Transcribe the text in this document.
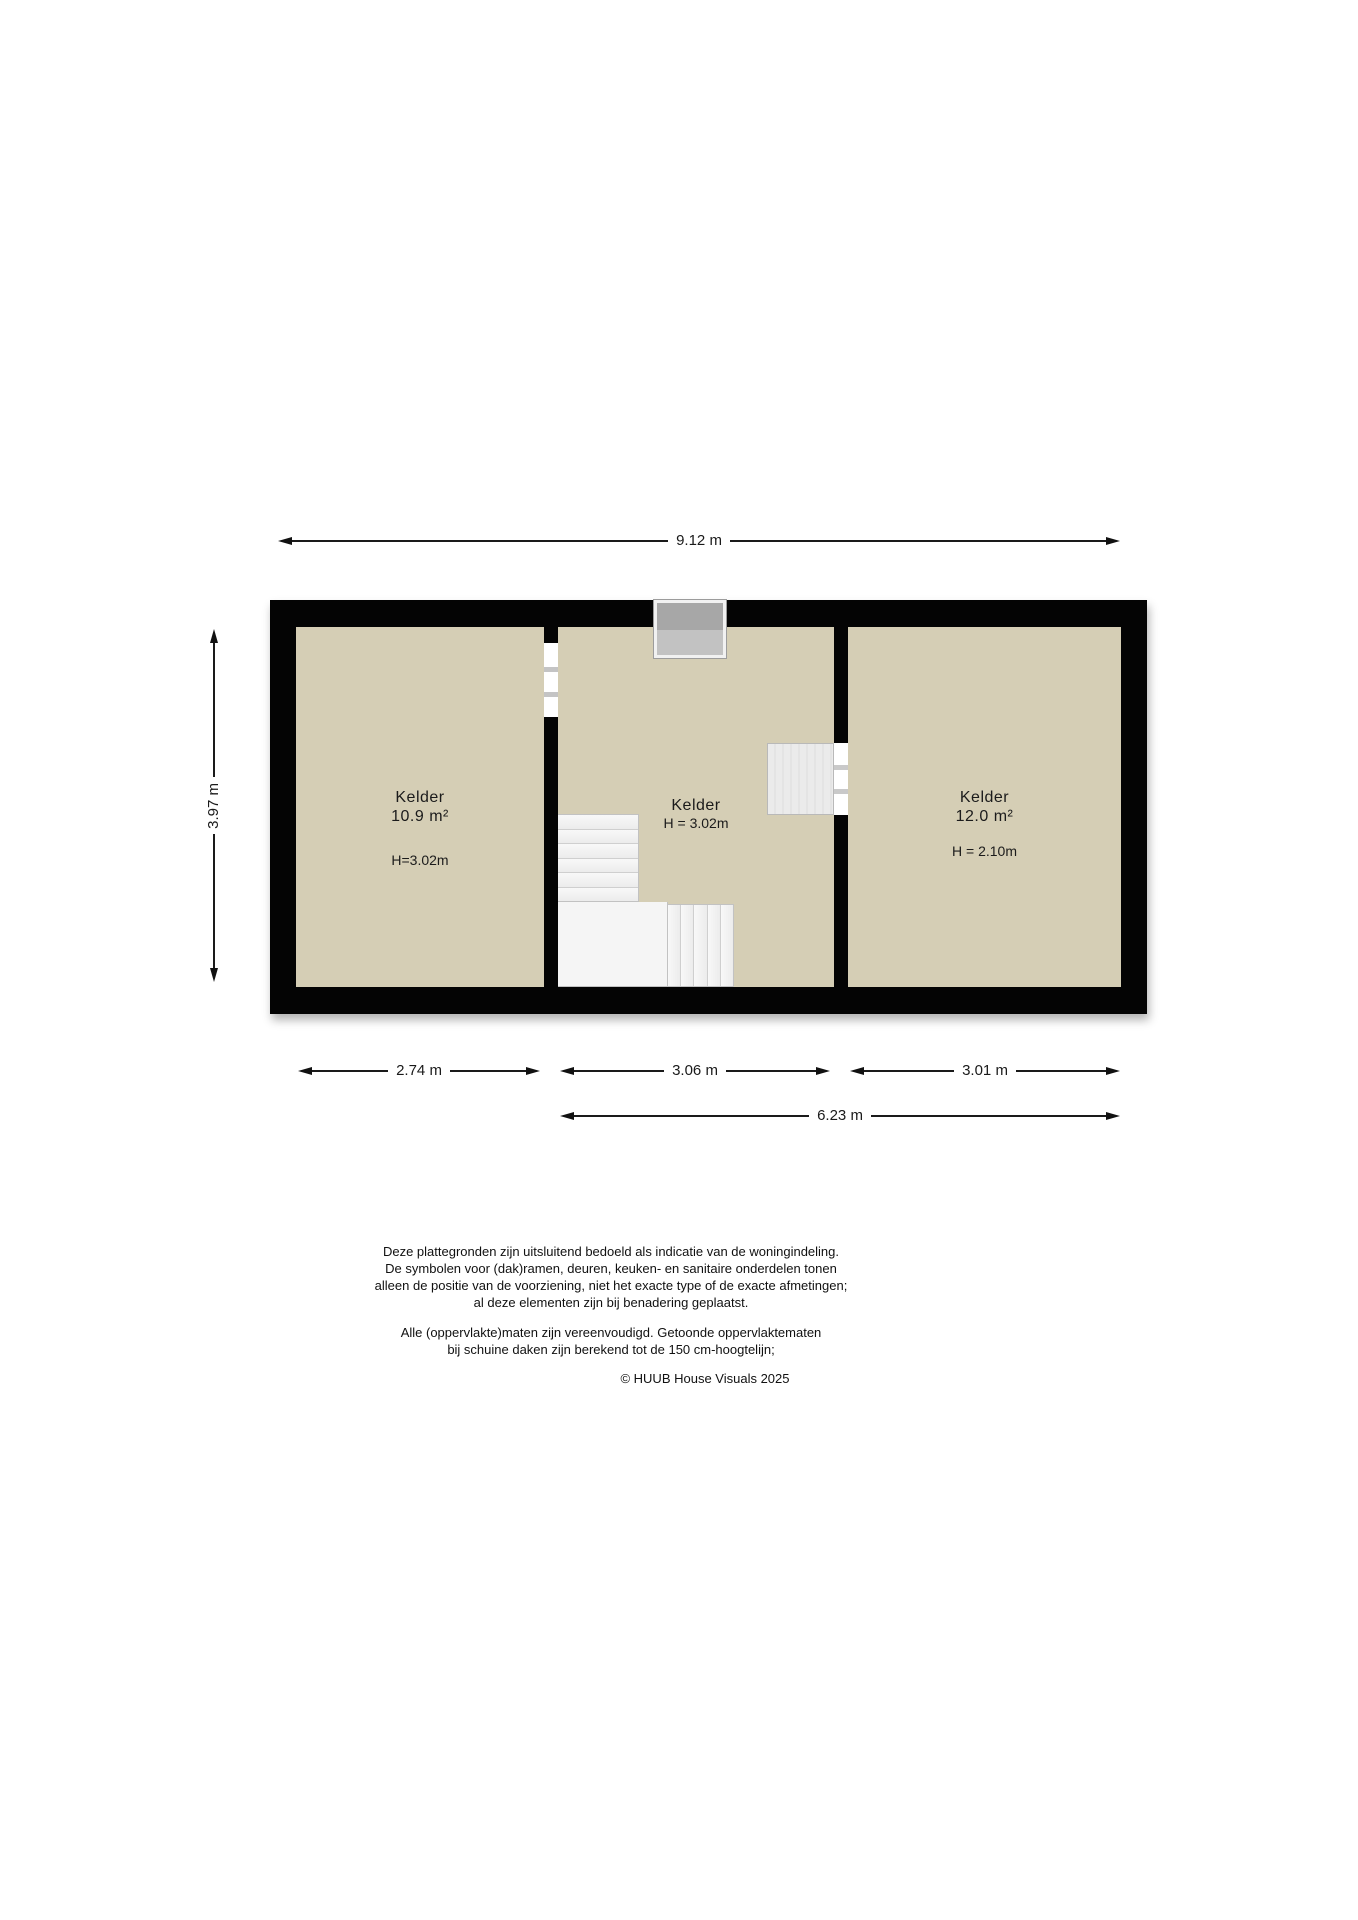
9.12 m
3.97 m	Kelder
10.9 m²
H=3.02m
Kelder
H = 3.02m
Kelder
12.0 m²
H = 2.10m
2.74 m	3.06 m	3.01 m
6.23 m
Deze plattegronden zijn uitsluitend bedoeld als indicatie van de woningindeling.
De symbolen voor (dak)ramen, deuren, keuken- en sanitaire onderdelen tonen
alleen de positie van de voorziening, niet het exacte type of de exacte afmetingen;
al deze elementen zijn bij benadering geplaatst.
Alle (oppervlakte)maten zijn vereenvoudigd. Getoonde oppervlaktematen
bij schuine daken zijn berekend tot de 150 cm-hoogtelijn;
© HUUB House Visuals 2025
